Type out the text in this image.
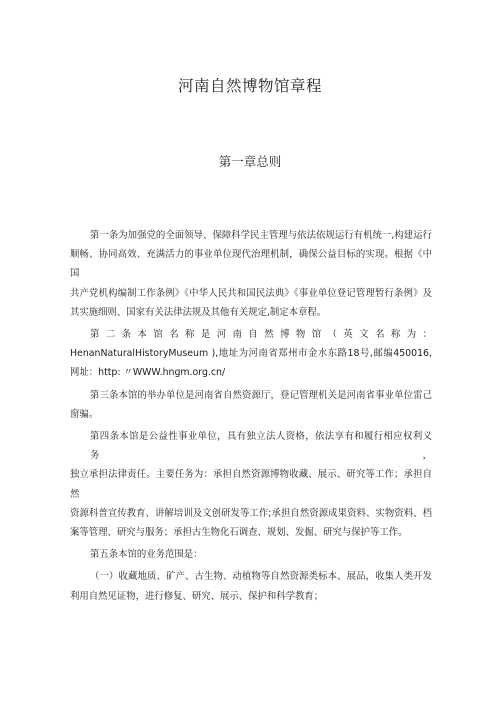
河南自然博物馆章程
第一章总则
第一条为加强党的全面领导、保障科学民主管理与依法依规运行有机统一,构建运行
顺畅、协同高效、充满活力的事业单位现代治理机制，确保公益目标的实现。根据《中国
共产党机构编制工作条例》《中华人民共和国民法典》《事业单位登记管理暂行条例》及
其实施细则、国家有关法律法规及其他有关规定,制定本章程。
第 二 条 本 馆 名 称 是 河 南 自 然 博 物 馆 （ 英 文 名 称 为 ：
HenanNaturalHistoryMuseum ),地址为河南省郑州市金水东路18号,邮编450016,
网址：http: 〃WWW.hngm.org.cn/
第三条本馆的举办单位是河南省自然资源厅，登记管理机关是河南省事业单位雷己
窗骗。
第四条本馆是公益性事业单位，具有独立法人资格，依法享有和履行相应权利义务，
独立承担法律责任。主要任务为：承担自然资源博物收藏、展示、研究等工作；承担自然
资源科普宣传教育、讲解培训及文创研发等工作;承担自然资源成果资料、实物资料、档
案等管理、研究与服务；承担古生物化石调查、规划、发掘、研究与保护等工作。
第五条本馆的业务范围是：
（一）收藏地质、矿产、古生物、动植物等自然资源类标本、展品，收集人类开发
利用自然见证物，进行修复、研究、展示、保护和科学教育；
